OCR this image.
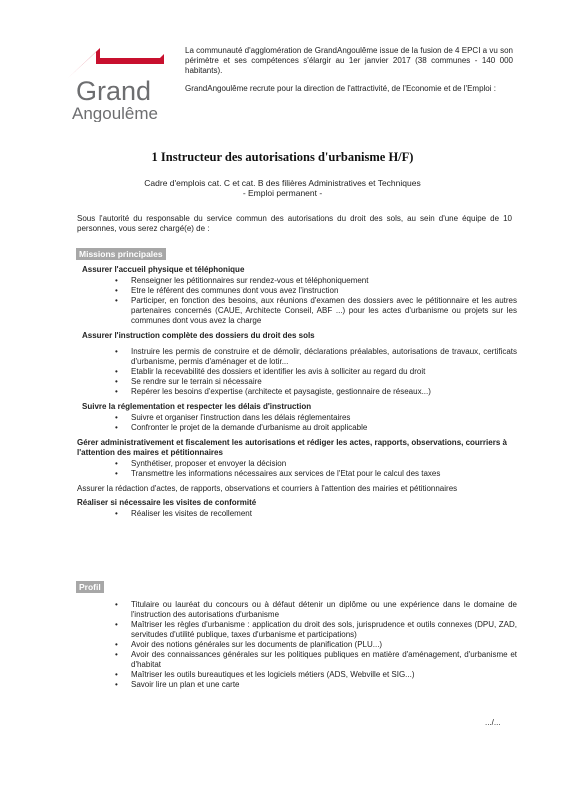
Grand
Angoulême

La communauté d'agglomération de GrandAngoulême issue de la fusion de 4 EPCI a vu son périmètre et ses compétences s'élargir au 1er janvier 2017 (38 communes - 140 000 habitants).

GrandAngoulême recrute pour la direction de l'attractivité, de l'Economie et de l'Emploi :

1 Instructeur des autorisations d'urbanisme H/F)
Cadre d'emplois cat. C et cat. B des filières Administratives et Techniques
- Emploi permanent -
Sous l'autorité du responsable du service commun des autorisations du droit des sols, au sein d'une équipe de 10 personnes, vous serez chargé(e) de :
Missions principales

Assurer l'accueil physique et téléphonique

• Renseigner les pétitionnaires sur rendez-vous et téléphoniquement
• Etre le référent des communes dont vous avez l'instruction
• Participer, en fonction des besoins, aux réunions d'examen des dossiers avec le pétitionnaire et les autres partenaires concernés (CAUE, Architecte Conseil, ABF ...) pour les actes d'urbanisme ou projets sur les communes dont vous avez la charge

Assurer l'instruction complète des dossiers du droit des sols

• Instruire les permis de construire et de démolir, déclarations préalables, autorisations de travaux, certificats d'urbanisme, permis d'aménager et de lotir...
• Etablir la recevabilité des dossiers et identifier les avis à solliciter au regard du droit
• Se rendre sur le terrain si nécessaire
• Repérer les besoins d'expertise (architecte et paysagiste, gestionnaire de réseaux...)

Suivre la réglementation et respecter les délais d'instruction

• Suivre et organiser l'instruction dans les délais réglementaires
• Confronter le projet de la demande d'urbanisme au droit applicable

Gérer administrativement et fiscalement les autorisations et rédiger les actes, rapports, observations, courriers à l'attention des maires et pétitionnaires

• Synthétiser, proposer et envoyer la décision
• Transmettre les informations nécessaires aux services de l'Etat pour le calcul des taxes

Assurer la rédaction d'actes, de rapports, observations et courriers à l'attention des mairies et pétitionnaires

Réaliser si nécessaire les visites de conformité

• Réaliser les visites de recollement
Profil
• Titulaire ou lauréat du concours ou à défaut détenir un diplôme ou une expérience dans le domaine de l'instruction des autorisations d'urbanisme
• Maîtriser les règles d'urbanisme : application du droit des sols, jurisprudence et outils connexes (DPU, ZAD, servitudes d'utilité publique, taxes d'urbanisme et participations)
• Avoir des notions générales sur les documents de planification (PLU...)
• Avoir des connaissances générales sur les politiques publiques en matière d'aménagement, d'urbanisme et d'habitat
• Maîtriser les outils bureautiques et les logiciels métiers (ADS, Webville et SIG...)
• Savoir lire un plan et une carte
.../...
